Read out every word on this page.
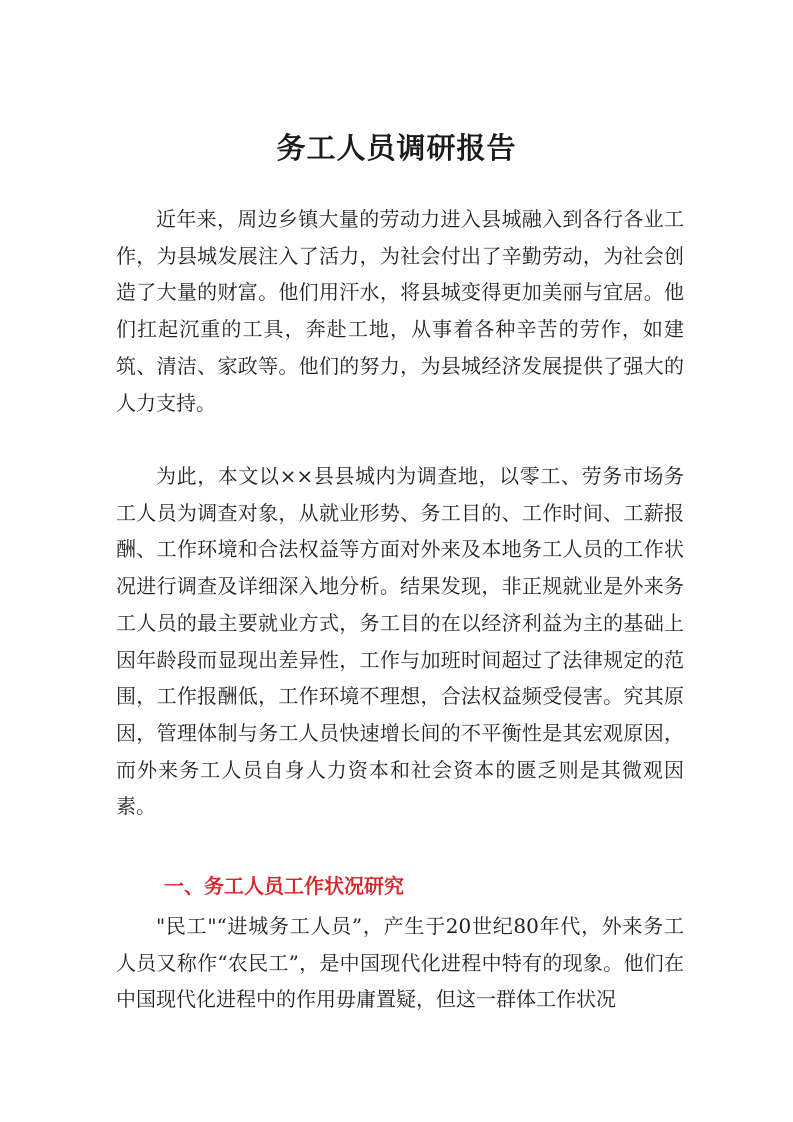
务工人员调研报告

近年来，周边乡镇大量的劳动力进入县城融入到各行各业工作，为县城发展注入了活力，为社会付出了辛勤劳动，为社会创造了大量的财富。他们用汗水，将县城变得更加美丽与宜居。他们扛起沉重的工具，奔赴工地，从事着各种辛苦的劳作，如建筑、清洁、家政等。他们的努力，为县城经济发展提供了强大的人力支持。

为此，本文以××县县城内为调查地，以零工、劳务市场务工人员为调查对象，从就业形势、务工目的、工作时间、工薪报酬、工作环境和合法权益等方面对外来及本地务工人员的工作状况进行调查及详细深入地分析。结果发现，非正规就业是外来务工人员的最主要就业方式，务工目的在以经济利益为主的基础上因年龄段而显现出差异性，工作与加班时间超过了法律规定的范围，工作报酬低，工作环境不理想，合法权益频受侵害。究其原因，管理体制与务工人员快速增长间的不平衡性是其宏观原因，而外来务工人员自身人力资本和社会资本的匮乏则是其微观因素。

一、务工人员工作状况研究

"民工"“进城务工人员”，产生于20世纪80年代，外来务工人员又称作“农民工”，是中国现代化进程中特有的现象。他们在中国现代化进程中的作用毋庸置疑，但这一群体工作状况
